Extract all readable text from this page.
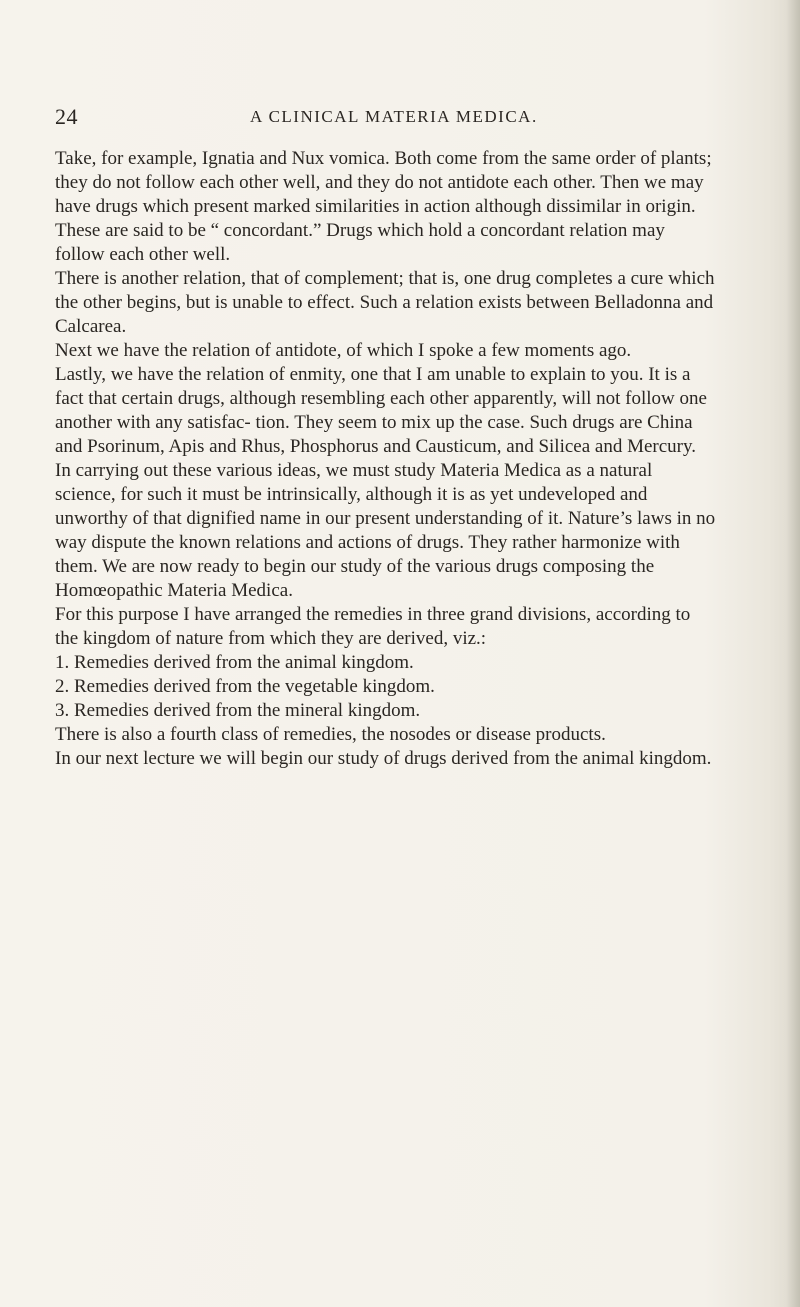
24	A CLINICAL MATERIA MEDICA.

Take, for example, Ignatia and Nux vomica. Both come from the same order of plants; they do not follow each other well, and they do not antidote each other. Then we may have drugs which present marked similarities in action although dissimilar in origin. These are said to be “ concordant.” Drugs which hold a concordant relation may follow each other well.

There is another relation, that of complement; that is, one drug completes a cure which the other begins, but is unable to effect. Such a relation exists between Belladonna and Calcarea.

Next we have the relation of antidote, of which I spoke a few moments ago.

Lastly, we have the relation of enmity, one that I am unable to explain to you. It is a fact that certain drugs, although resembling each other apparently, will not follow one another with any satisfac- tion. They seem to mix up the case. Such drugs are China and Psorinum, Apis and Rhus, Phosphorus and Causticum, and Silicea and Mercury.

In carrying out these various ideas, we must study Materia Medica as a natural science, for such it must be intrinsically, although it is as yet undeveloped and unworthy of that dignified name in our present understanding of it. Nature’s laws in no way dispute the known relations and actions of drugs. They rather harmonize with them. We are now ready to begin our study of the various drugs composing the Homœopathic Materia Medica.

For this purpose I have arranged the remedies in three grand divisions, according to the kingdom of nature from which they are derived, viz.:

1. Remedies derived from the animal kingdom.

2. Remedies derived from the vegetable kingdom.

3. Remedies derived from the mineral kingdom.

There is also a fourth class of remedies, the nosodes or disease products.

In our next lecture we will begin our study of drugs derived from the animal kingdom.
